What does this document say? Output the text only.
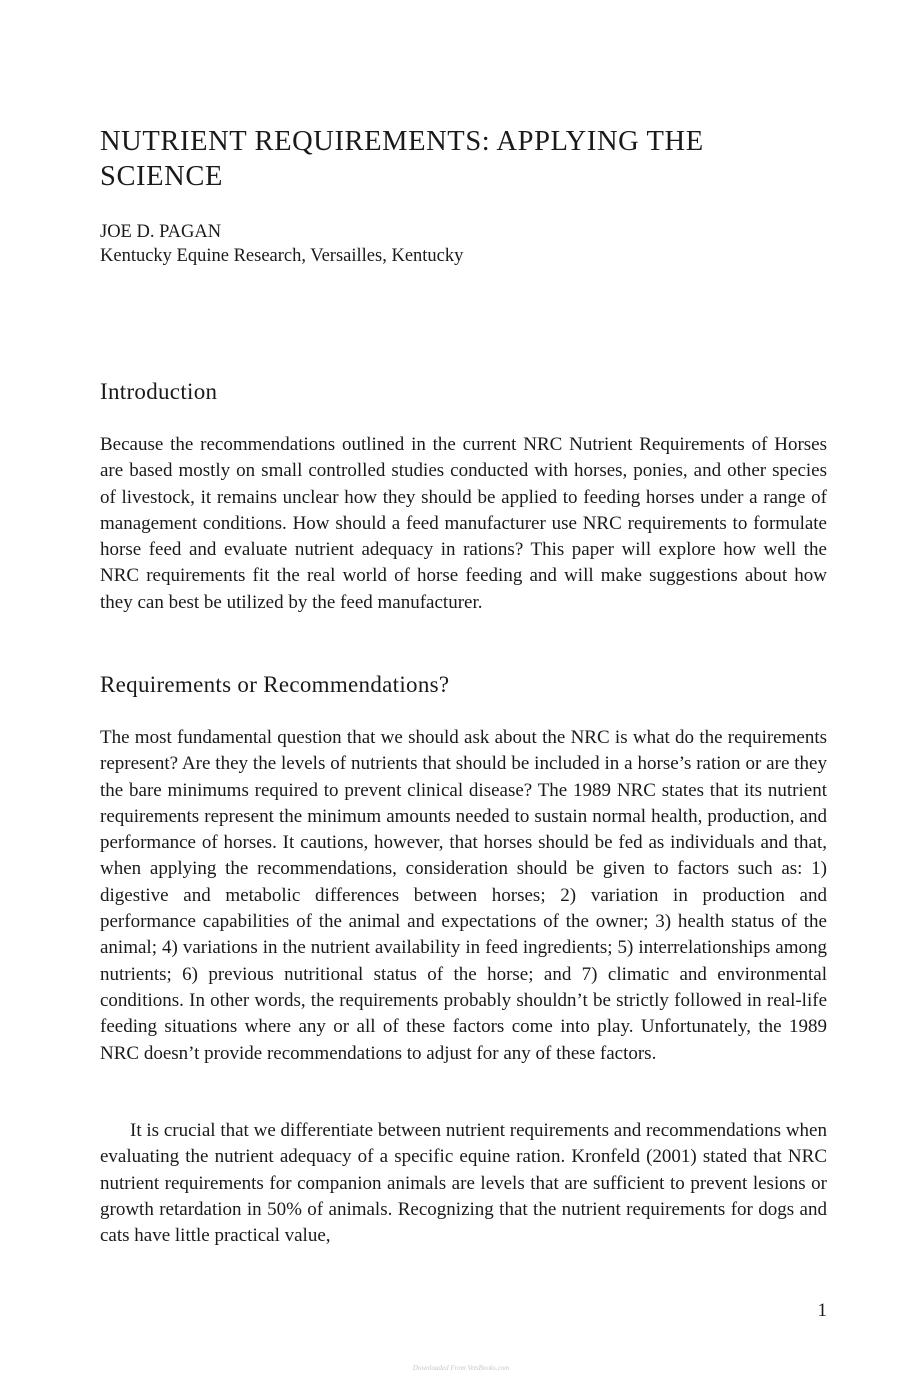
NUTRIENT REQUIREMENTS: APPLYING THE SCIENCE
JOE D. PAGAN
Kentucky Equine Research, Versailles, Kentucky
Introduction

Because the recommendations outlined in the current NRC Nutrient Requirements of Horses are based mostly on small controlled studies conducted with horses, ponies, and other species of livestock, it remains unclear how they should be applied to feeding horses under a range of management conditions. How should a feed manufacturer use NRC requirements to formulate horse feed and evaluate nutrient adequacy in rations? This paper will explore how well the NRC requirements fit the real world of horse feeding and will make suggestions about how they can best be utilized by the feed manufacturer.

Requirements or Recommendations?

The most fundamental question that we should ask about the NRC is what do the requirements represent? Are they the levels of nutrients that should be included in a horse’s ration or are they the bare minimums required to prevent clinical disease? The 1989 NRC states that its nutrient requirements represent the minimum amounts needed to sustain normal health, production, and performance of horses. It cautions, however, that horses should be fed as individuals and that, when applying the recommendations, consideration should be given to factors such as: 1) digestive and metabolic differences between horses; 2) variation in production and performance capabilities of the animal and expectations of the owner; 3) health status of the animal; 4) variations in the nutrient availability in feed ingredients; 5) interrelationships among nutrients; 6) previous nutritional status of the horse; and 7) climatic and environmental conditions. In other words, the requirements probably shouldn’t be strictly followed in real-life feeding situations where any or all of these factors come into play. Unfortunately, the 1989 NRC doesn’t provide recommendations to adjust for any of these factors.

It is crucial that we differentiate between nutrient requirements and recommendations when evaluating the nutrient adequacy of a specific equine ration. Kronfeld (2001) stated that NRC nutrient requirements for companion animals are levels that are sufficient to prevent lesions or growth retardation in 50% of animals. Recognizing that the nutrient requirements for dogs and cats have little practical value,

1
Downloaded From VetsBooks.com
